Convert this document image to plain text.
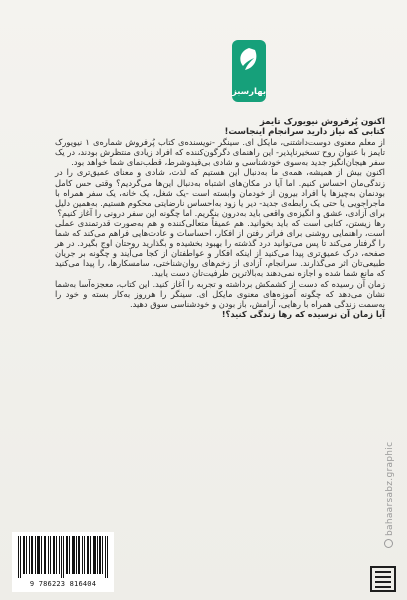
بهارسبز

اکنون پُرفروش نیویورک تایمز

کتابی که نیاز دارید سرانجام اینجاست!

از معلم معنوی دوست‌داشتنی، مایکل ای. سینگر -نویسنده‌ی کتاب پُرفروش شماره‌ی ۱ نیویورک تایمز با عنوان روح تسخیرناپذیر- این راهنمای دگرگون‌کننده که افراد زیادی منتظرش بودند، در یک سفر هیجان‌انگیز جدید به‌سوی خودشناسی و شادی بی‌قیدوشرط، قطب‌نمای شما خواهد بود.

اکنون بیش از همیشه، همه‌ی ما به‌دنبال این هستیم که لذت، شادی و معنای عمیق‌تری را در زندگی‌مان احساس کنیم. اما آیا در مکان‌های اشتباه به‌دنبال این‌ها می‌گردیم؟ وقتی حس کامل بودنمان به‌چیزها یا افراد بیرون از خودمان وابسته است -یک شغل، یک خانه، یک سفر همراه با ماجراجویی یا حتی یک رابطه‌ی جدید- دیر یا زود به‌احساس نارضایتی محکوم هستیم. به‌همین دلیل برای آزادی، عشق و انگیزه‌ی واقعی باید به‌درون بنگریم. اما چگونه این سفر درونی را آغاز کنیم؟

رها زیستن، کتابی است که باید بخوانید. هم عمیقاً متعالی‌کننده و هم به‌صورت قدرتمندی عملی است، راهنمایی روشنی برای فراتر رفتن از افکار، احساسات و عادت‌هایی فراهم می‌کند که شما را گرفتار می‌کند تا پس می‌توانید درد گذشته را بهبود بخشیده و بگذارید روحتان اوج بگیرد. در هر صفحه، درک عمیق‌تری پیدا می‌کنید از اینکه افکار و عواطفتان از کجا می‌آیند و چگونه بر جریان طبیعی‌تان اثر می‌گذارند. سرانجام، آزادی از زخم‌های روان‌شناختی، سامسکارها، را پیدا می‌کنید که مانع شما شده و اجازه نمی‌دهند به‌بالاترین ظرفیت‌تان دست یابید.

زمان آن رسیده که دست از کشمکش برداشته و تجربه را آغاز کنید. این کتاب، معجزه‌آسا به‌شما نشان می‌دهد که چگونه آموزه‌های معنوی مایکل ای. سینگر را هر‌روز به‌کار بسته و خود را به‌سمت زندگی همراه با رهایی، آرامش، باز بودن و خودشناسی سوق دهید.

آیا زمان آن نرسیده که رها زندگی کنید؟!

bahaarsabz.graphic
9 786223 816404
